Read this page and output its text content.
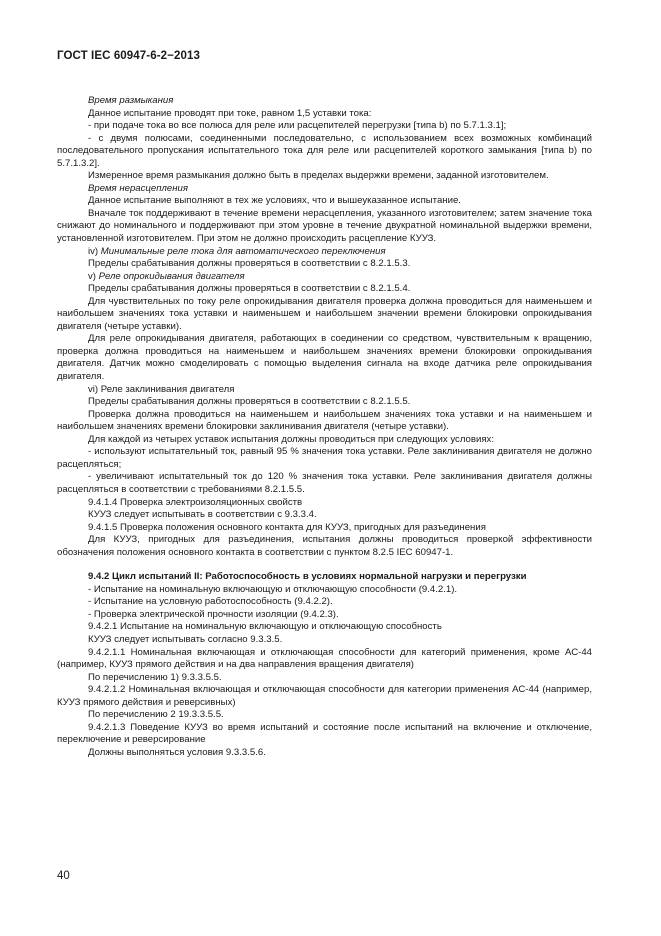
ГОСТ IEC 60947-6-2−2013

Время размыкания

Данное испытание проводят при токе, равном 1,5 уставки тока:

- при подаче тока во все полюса для реле или расцепителей перегрузки [типа b) по 5.7.1.3.1];

- с двумя полюсами, соединенными последовательно, с использованием всех возможных комбинаций последовательного пропускания испытательного тока для реле или расцепителей короткого замыкания [типа b) по 5.7.1.3.2].

Измеренное время размыкания должно быть в пределах выдержки времени, заданной изготовителем.

Время нерасцепления

Данное испытание выполняют в тех же условиях, что и вышеуказанное испытание.

Вначале ток поддерживают в течение времени нерасцепления, указанного изготовителем; затем значение тока снижают до номинального и поддерживают при этом уровне в течение двукратной номинальной выдержки времени, установленной изготовителем. При этом не должно происходить расцепление КУУЗ.

iv) Минимальные реле тока для автоматического переключения

Пределы срабатывания должны проверяться в соответствии с 8.2.1.5.3.

v) Реле опрокидывания двигателя

Пределы срабатывания должны проверяться в соответствии с 8.2.1.5.4.

Для чувствительных по току реле опрокидывания двигателя проверка должна проводиться для наименьшем и наибольшем значениях тока уставки и наименьшем и наибольшем значении времени блокировки опрокидывания двигателя (четыре уставки).

Для реле опрокидывания двигателя, работающих в соединении со средством, чувствительным к вращению, проверка должна проводиться на наименьшем и наибольшем значениях времени блокировки опрокидывания двигателя. Датчик можно смоделировать с помощью выделения сигнала на входе датчика реле опрокидывания двигателя.

vi) Реле заклинивания двигателя

Пределы срабатывания должны проверяться в соответствии с 8.2.1.5.5.

Проверка должна проводиться на наименьшем и наибольшем значениях тока уставки и на наименьшем и наибольшем значениях времени блокировки заклинивания двигателя (четыре уставки).

Для каждой из четырех уставок испытания должны проводиться при следующих условиях:

- используют испытательный ток, равный 95 % значения тока уставки. Реле заклинивания двигателя не должно расцепляться;

- увеличивают испытательный ток до 120 % значения тока уставки. Реле заклинивания двигателя должны расцепляться в соответствии с требованиями 8.2.1.5.5.

9.4.1.4 Проверка электроизоляционных свойств

КУУЗ следует испытывать в соответствии с 9.3.3.4.

9.4.1.5 Проверка положения основного контакта для КУУЗ, пригодных для разъединения

Для КУУЗ, пригодных для разъединения, испытания должны проводиться проверкой эффективности обозначения положения основного контакта в соответствии с пунктом 8.2.5 IEC 60947-1.

9.4.2 Цикл испытаний II: Работоспособность в условиях нормальной нагрузки и перегрузки

- Испытание на номинальную включающую и отключающую способности (9.4.2.1).

- Испытание на условную работоспособность (9.4.2.2).

- Проверка электрической прочности изоляции (9.4.2.3).

9.4.2.1 Испытание на номинальную включающую и отключающую способность

КУУЗ следует испытывать согласно 9.3.3.5.

9.4.2.1.1 Номинальная включающая и отключающая способности для категорий применения, кроме АС-44 (например, КУУЗ прямого действия и на два направления вращения двигателя)

По перечислению 1) 9.3.3.5.5.

9.4.2.1.2 Номинальная включающая и отключающая способности для категории применения АС-44 (например, КУУЗ прямого действия и реверсивных)

По перечислению 2 19.3.3.5.5.

9.4.2.1.3 Поведение КУУЗ во время испытаний и состояние после испытаний на включение и отключение, переключение и реверсирование

Должны выполняться условия 9.3.3.5.6.

40
